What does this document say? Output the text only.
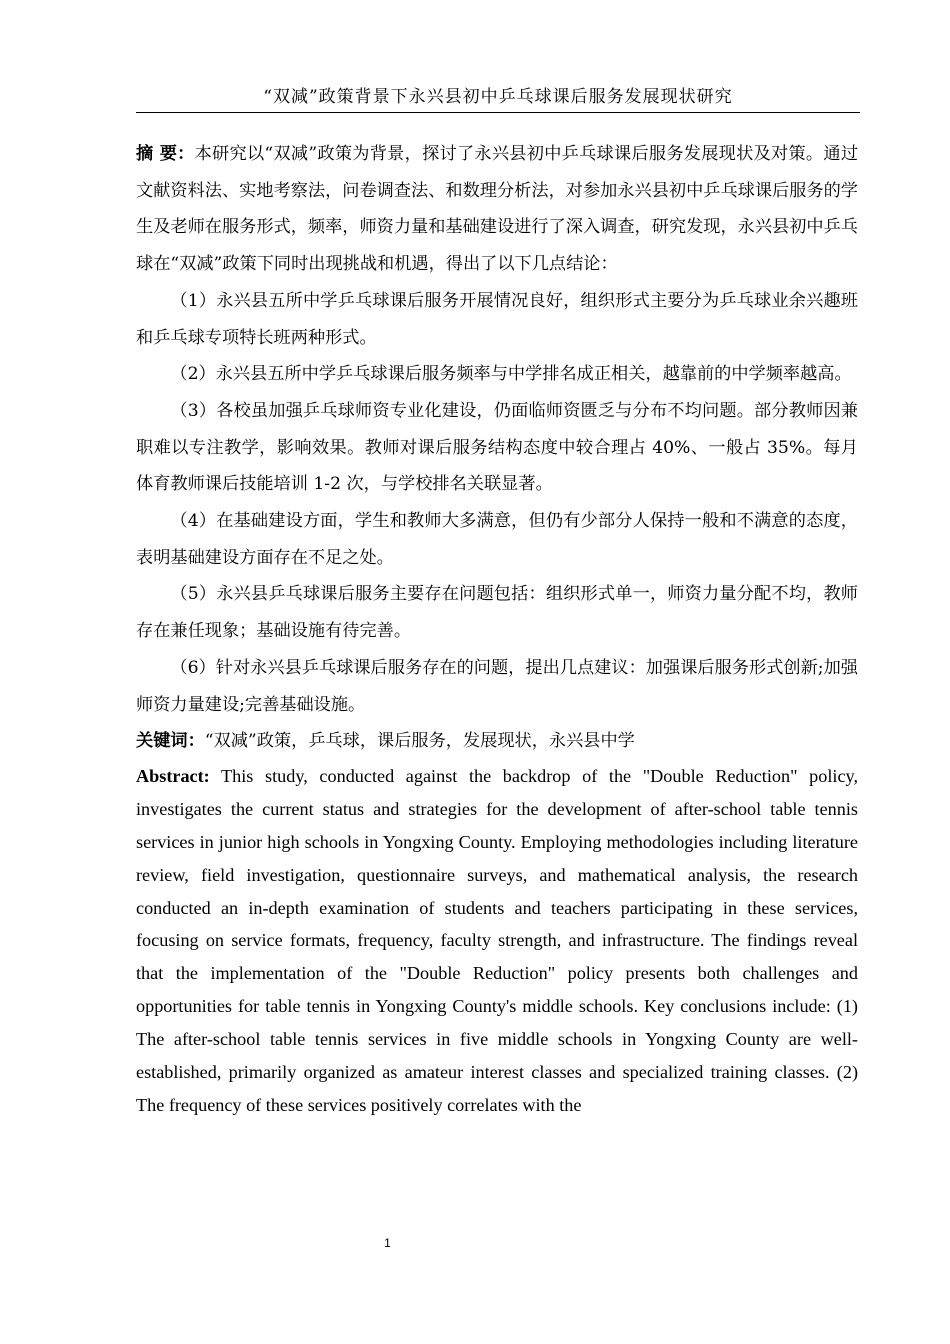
“双减”政策背景下永兴县初中乒乓球课后服务发展现状研究

摘 要：本研究以“双减”政策为背景，探讨了永兴县初中乒乓球课后服务发展现状及对策。通过文献资料法、实地考察法，问卷调查法、和数理分析法，对参加永兴县初中乒乓球课后服务的学生及老师在服务形式，频率，师资力量和基础建设进行了深入调查，研究发现，永兴县初中乒乓球在“双减”政策下同时出现挑战和机遇，得出了以下几点结论：

（1）永兴县五所中学乒乓球课后服务开展情况良好，组织形式主要分为乒乓球业余兴趣班和乒乓球专项特长班两种形式。

（2）永兴县五所中学乒乓球课后服务频率与中学排名成正相关，越靠前的中学频率越高。

（3）各校虽加强乒乓球师资专业化建设，仍面临师资匮乏与分布不均问题。部分教师因兼职难以专注教学，影响效果。教师对课后服务结构态度中较合理占 40%、一般占 35%。每月体育教师课后技能培训 1-2 次，与学校排名关联显著。

（4）在基础建设方面，学生和教师大多满意，但仍有少部分人保持一般和不满意的态度，表明基础建设方面存在不足之处。

（5）永兴县乒乓球课后服务主要存在问题包括：组织形式单一，师资力量分配不均，教师存在兼任现象；基础设施有待完善。

（6）针对永兴县乒乓球课后服务存在的问题，提出几点建议：加强课后服务形式创新;加强师资力量建设;完善基础设施。

关键词：“双减”政策，乒乓球，课后服务，发展现状，永兴县中学

Abstract: This study, conducted against the backdrop of the "Double Reduction" policy, investigates the current status and strategies for the development of after-school table tennis services in junior high schools in Yongxing County. Employing methodologies including literature review, field investigation, questionnaire surveys, and mathematical analysis, the research conducted an in-depth examination of students and teachers participating in these services, focusing on service formats, frequency, faculty strength, and infrastructure. The findings reveal that the implementation of the "Double Reduction" policy presents both challenges and opportunities for table tennis in Yongxing County's middle schools. Key conclusions include: (1) The after-school table tennis services in five middle schools in Yongxing County are well-established, primarily organized as amateur interest classes and specialized training classes. (2) The frequency of these services positively correlates with the

1
